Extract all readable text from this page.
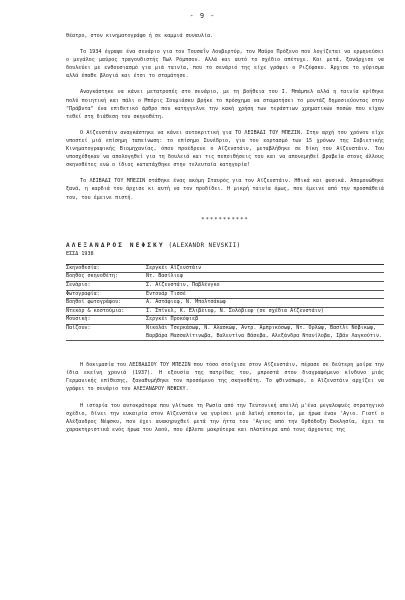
- 9 -

θέατρο, στον κινηματογράφο ή σε καμμιά συναυλία.

Το 1934 έγραψε ένα σενάριο για τον Τουσαΐν Λουβερτύρ, τον Μαύρο Πρόξενο που λογίζεται να ερμηνεύσει ο μεγάλος μαύρος τραγουδιστής Πωλ Ρόμπσον. Αλλά και αυτό το σχέδιο απέτυχε. Και μετά, ξανάρχισε να δουλεύει με ενθουσιασμό για μιά ταινία, που το σενάριό της είχε γράψει ο Ριζέφσκυ. Άρχισε το γύρισμα αλλά έπαθε βλογιά και έτσι το σταμάτησε.

Αναγκάστηκε να κάνει μετατροπές στο σενάριο, με τη βοήθεια του Ι. Μπάμπελ αλλά η ταινία κρίθηκε πολύ ποιητική και πάλι ο Μπόρις Σουμιάσκυ βρήκε το πρόσχημα να σταματήσει το μοντάζ δημοσιεύοντας στην "Πράβντα" ένα επιθετικό άρθρο που κατηγγελνε την κακή χρήση των τεράστιων χρηματικών ποσών που είχαν τεθεί στη διάθεση του σκηνοθέτη.

Ο Αϊζενστάιν αναγκάστηκε να κάνει αυτοκριτική για ΤΟ ΛΕΙΒΑΔΙ ΤΟΥ ΜΠΕΖΙΝ. Στην αρχή του χρόνου είχε υποστεί μιά επίσημη ταπείνωση: το επίσημο Συνέδριο, για τον εορτασμό των 15 χρόνων της Σοβιετικής Κινηματογραφικής Βιομηχανίας, όπου προέδρευε ο Αϊζενστάιν, μεταβλήθηκε σε δίκη του Αϊζενστάιν. Του υποσχέθηκαν να απολογηθεί για τη δουλειά και τις πεποιθήσεις του και να απονεμηθεί βραβεία στους άλλους σκηνοθέτες ενώ ο ίδιος κατατάχθηκε στην τελευταία κατηγορία!

Το ΛΕΙΒΑΔΙ ΤΟΥ ΜΠΕΖΙΝ στάθηκε ένας ακόμη Σταυρός για τον Αϊζενστάιν. Ηθικά και φυσικά. Απομονώθηκε ξανά, η καρδιά του άρχισε κι αυτή να τον προδίδει. Η μικρή ταινία όμως, που έμεινε από την προσπάθειά του, του έμεινε πιστή.

***********
ΑΛΕΞΑΝΔΡΟΣ ΝΕΦΣΚΥ (ALEXANDR NEVSKII)
ΕΣΣΔ 1938
Σκηνοθεσία:	Σεργκέι Αϊζενστάιν
Βοηθός σκηνοθέτη:	Ντ. Βασίλιεφ
Σενάριο:	Σ. Αϊζενστάιν, Παβλένγκο
Φωτογραφία:	Εντουάρ Τισσέ
Βοηθοί φωτογράφου:	Α. Αστάφιεφ, Ν. Μπολτσάκωφ
Ντεκόρ & κοστούμια:	Ι. Σπίνελ, Κ. Ελιβέιεφ, Ν. Σολόβιεφ (σε σχέδια Αϊζενστάιν)
Μουσική:	Σεργκέι Προκόφιεβ
Παίζουν:	Νικολάι Τσερκάσωφ, Ν. Αλασκώφ, Αντρ. Αμπρικόσωφ, Ντ. Ορλώφ, Βασίλι Νόβικωφ, Βαρβάρα Μασσαλίτινωβα, Βαλεντίνα Βάσεβα, Αλεξάνδρα Ντανίλοβα, Ιβάν Λαγκούτιν.

Η δοκιμασία του ΛΕΙΒΑΔΙΟΥ ΤΟΥ ΜΠΕΖΙΝ που τόσο στοίχισε στον Αϊζενστάιν, πέρασε σε δεύτερη μοίρα την ίδια εκείνη χρονιά (1937). Η εξουσία της πατρίδας του, μπροστά στον διαγραφόμενο κίνδυνο μιάς Γερμανικής επίθεσης, ξαναθυμήθηκε τον προσόμενο της σκηνοθέτη. Το φθινόπωρο, ο Αϊζενστάιν αρχίζει να γράφει το σενάριο του ΑΛΕΞΑΝΔΡΟΥ ΝΕΦΣΚΥ.

Η ιστορία του αυτοκράτορα που γλίτωσε τη Ρωσία από την Τευτονική απειλή μ'ένα μεγαλοφυές στρατηγικό σχέδιο, δίνει την ευκαιρία στον Αϊζενστάιν να γυρίσει μιά λαϊκή εποποιία, με ήρωα έναν 'Αγιο. Γιατί ο Αλέξανδρος Νέφσκυ, που έχει ανακηρυχθεί μετά την ήττα του 'Αγιος από την Ορθόδοξη Εκκλησία, έχει τα χαρακτηριστικά ενός ήρωα του λαού, που έβλεπε μακρύτερα και πλατύτερα από τους άρχοντες της
